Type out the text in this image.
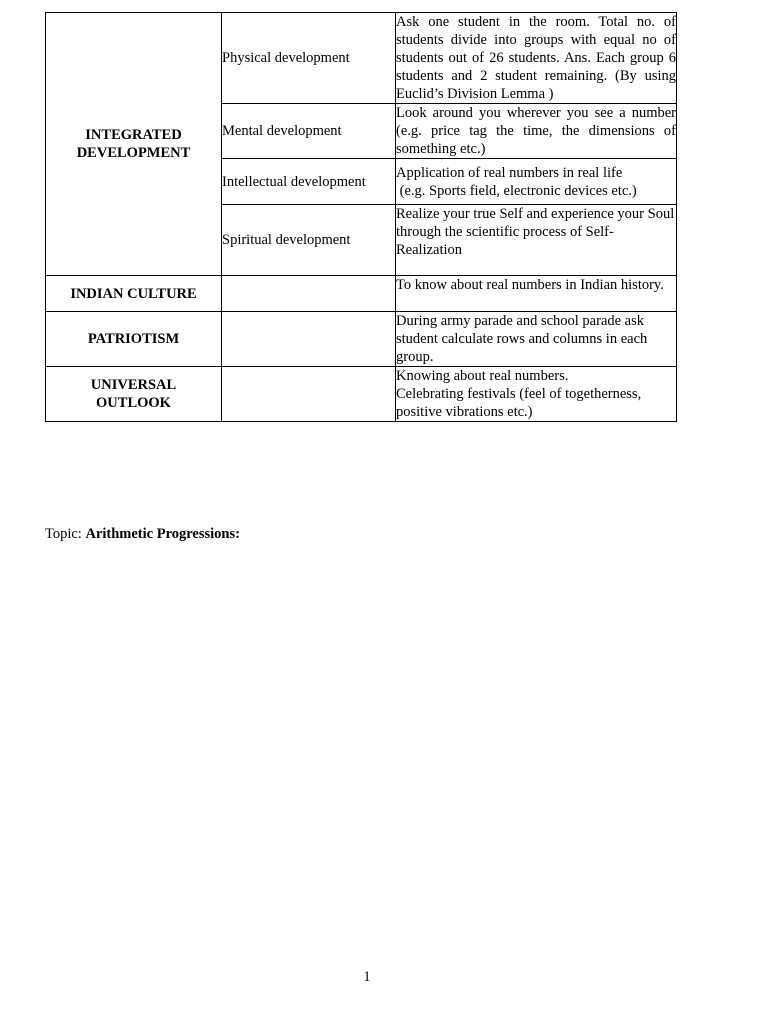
INTEGRATED DEVELOPMENT	Physical development	Ask one student in the room. Total no. of students divide into groups with equal no of students out of 26 students. Ans. Each group 6 students and 2 student remaining. (By using Euclid’s Division Lemma )
	Mental development	Look around you wherever you see a number (e.g. price tag the time, the dimensions of something etc.)
	Intellectual development	Application of real numbers in real life
(e.g. Sports field, electronic devices etc.)

	Spiritual development	Realize your true Self and experience your Soul through the scientific process of Self-Realization
INDIAN CULTURE		To know about real numbers in Indian history.
PATRIOTISM		During army parade and school parade ask student calculate rows and columns in each group.

UNIVERSAL
OUTLOOK		Knowing about real numbers.
Celebrating festivals (feel of togetherness, positive vibrations etc.)
Topic: Arithmetic Progressions:
1
